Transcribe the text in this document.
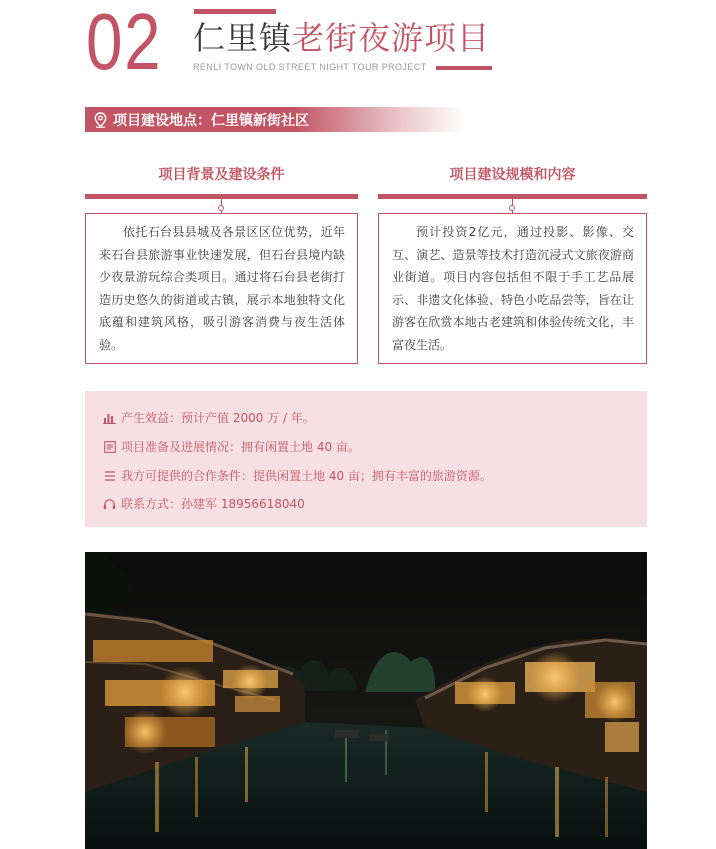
02 仁里镇老街夜游项目
RENLI TOWN OLD STREET NIGHT TOUR PROJECT
项目建设地点：仁里镇新街社区
项目背景及建设条件

依托石台县县城及各景区区位优势，近年来石台县旅游事业快速发展，但石台县境内缺少夜景游玩综合类项目。通过将石台县老街打造历史悠久的街道或古镇，展示本地独特文化底蕴和建筑风格，吸引游客消费与夜生活体验。

项目建设规模和内容

预计投资2亿元，通过投影、影像、交互、演艺、造景等技术打造沉浸式文旅夜游商业街道。项目内容包括但不限于手工艺品展示、非遗文化体验、特色小吃品尝等，旨在让游客在欣赏本地古老建筑和体验传统文化，丰富夜生活。

产生效益：预计产值 2000 万 / 年。
项目准备及进展情况：拥有闲置土地 40 亩。
我方可提供的合作条件：提供闲置土地 40 亩；拥有丰富的旅游资源。
联系方式：孙建军 18956618040
